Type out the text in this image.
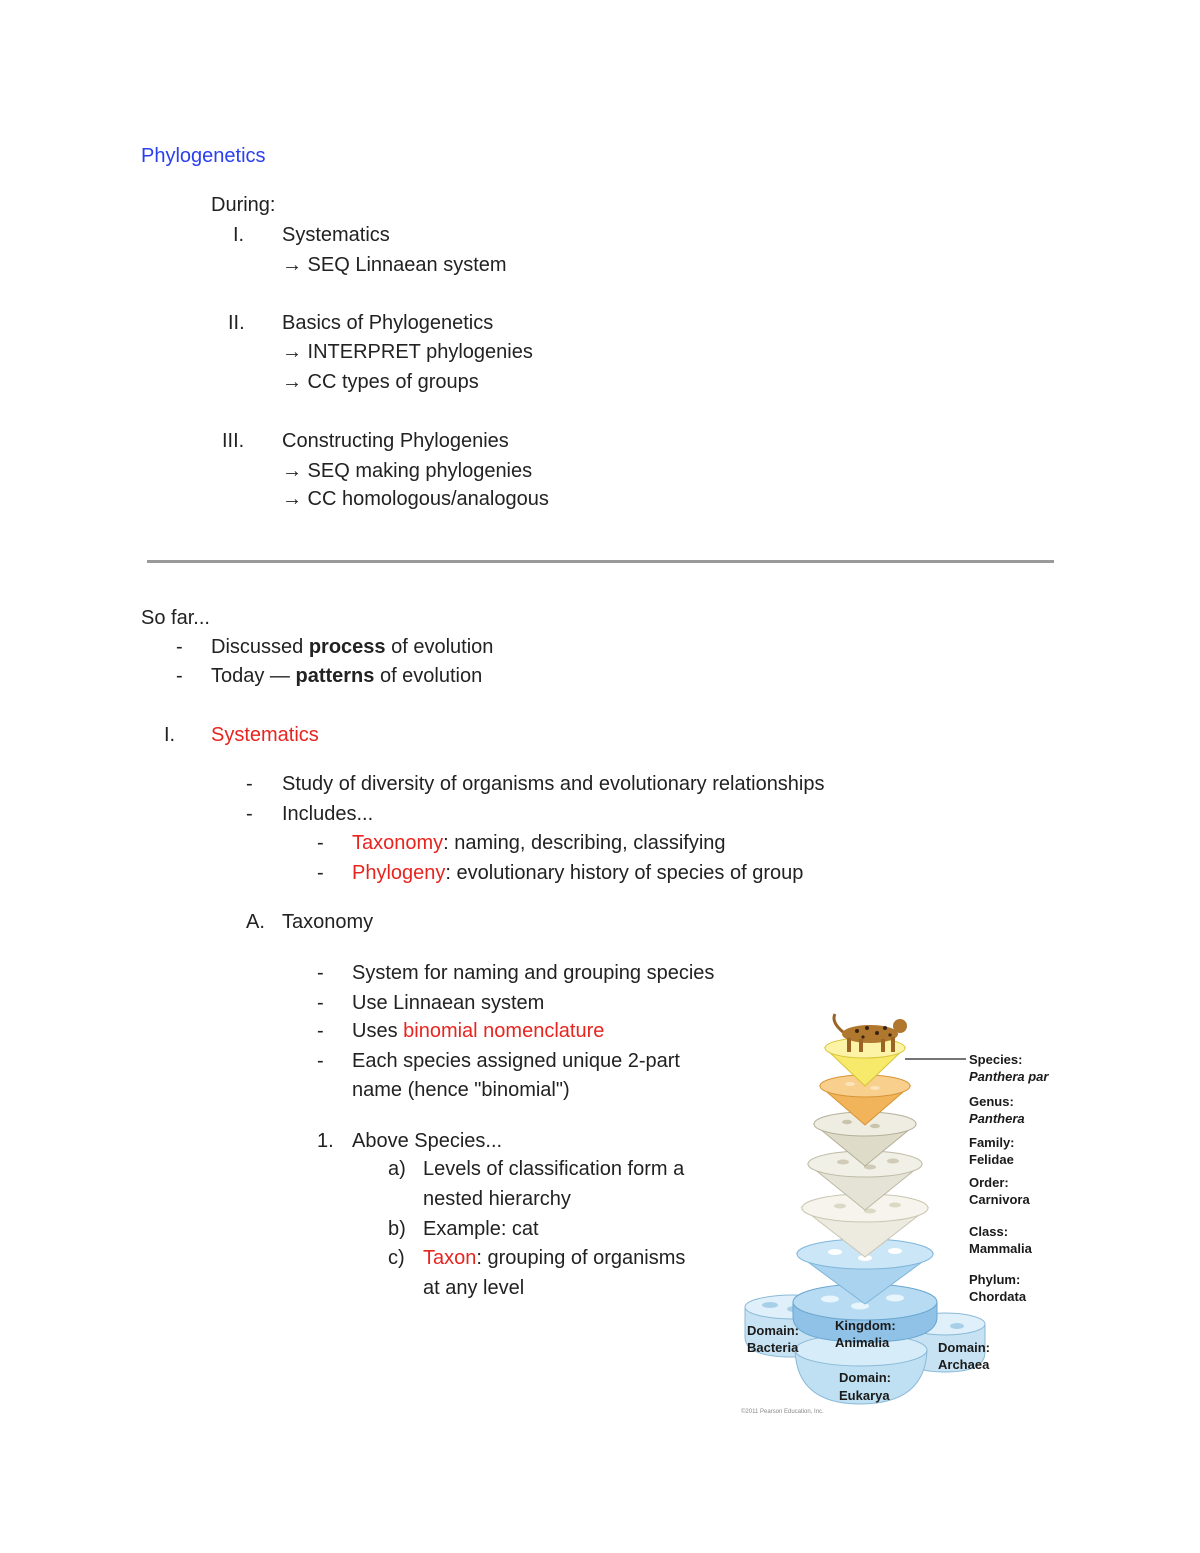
Phylogenetics
During:
I. Systematics
→ SEQ Linnaean system
II. Basics of Phylogenetics
→ INTERPRET phylogenies
→ CC types of groups
III. Constructing Phylogenies
→ SEQ making phylogenies
→ CC homologous/analogous
So far...
- Discussed process of evolution
- Today — patterns of evolution
I. Systematics
- Study of diversity of organisms and evolutionary relationships
- Includes...
- Taxonomy: naming, describing, classifying
- Phylogeny: evolutionary history of species of group
A. Taxonomy
- System for naming and grouping species
- Use Linnaean system
- Uses binomial nomenclature
- Each species assigned unique 2-part
name (hence "binomial")
1. Above Species...
a) Levels of classification form a
nested hierarchy
b) Example: cat
c) Taxon: grouping of organisms
at any level
Species:
Panthera par
Genus:
Panthera
Family:
Felidae
Order:
Carnivora
Class:
Mammalia
Phylum:
Chordata
Kingdom:
Animalia
Domain:
Bacteria	Domain:
Archaea
Domain:
Eukarya
©2011 Pearson Education, Inc.
